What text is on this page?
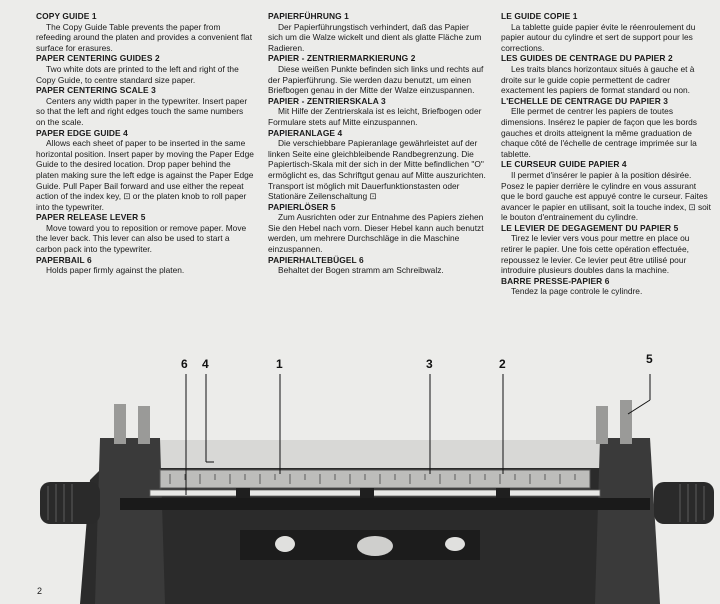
COPY GUIDE 1
The Copy Guide Table prevents the paper from refeeding around the platen and provides a convenient flat surface for erasures.
PAPER CENTERING GUIDES 2
Two white dots are printed to the left and right of the Copy Guide, to centre standard size paper.
PAPER CENTERING SCALE 3
Centers any width paper in the typewriter. Insert paper so that the left and right edges touch the same numbers on the scale.
PAPER EDGE GUIDE 4
Allows each sheet of paper to be inserted in the same horizontal position. Insert paper by moving the Paper Edge Guide to the desired location. Drop paper behind the platen making sure the left edge is against the Paper Edge Guide. Pull Paper Bail forward and use either the repeat action of the index key, ⊡ or the platen knob to roll paper into the typewriter.
PAPER RELEASE LEVER 5
Move toward you to reposition or remove paper. Move the lever back. This lever can also be used to start a carbon pack into the typewriter.
PAPERBAIL 6
Holds paper firmly against the platen.
PAPIERFÜHRUNG 1
Der Papierführungstisch verhindert, daß das Papier sich um die Walze wickelt und dient als glatte Fläche zum Radieren.
PAPIER - ZENTRIERMARKIERUNG 2
Diese weißen Punkte befinden sich links und rechts auf der Papierführung. Sie werden dazu benutzt, um einen Briefbogen genau in der Mitte der Walze einzuspannen.
PAPIER - ZENTRIERSKALA 3
Mit Hilfe der Zentrierskala ist es leicht, Briefbogen oder Formulare stets auf Mitte einzuspannen.
PAPIERANLAGE 4
Die verschiebbare Papieranlage gewährleistet auf der linken Seite eine gleichbleibende Randbegrenzung. Die Papiertisch-Skala mit der sich in der Mitte befindlichen "O" ermöglicht es, das Schriftgut genau auf Mitte auszurichten. Transport ist möglich mit Dauerfunktionstasten oder Stationäre Zeilenschaltung ⊡
PAPIERLÖSER 5
Zum Ausrichten oder zur Entnahme des Papiers ziehen Sie den Hebel nach vorn. Dieser Hebel kann auch benutzt werden, um mehrere Durchschläge in die Maschine einzuspannen.
PAPIERHALTEBÜGEL 6
Behaltet der Bogen stramm am Schreibwalz.
LE GUIDE COPIE 1
La tablette guide papier évite le réenroulement du papier autour du cylindre et sert de support pour les corrections.
LES GUIDES DE CENTRAGE DU PAPIER 2
Les traits blancs horizontaux situés à gauche et à droite sur le guide copie permettent de cadrer exactement les papiers de format standard ou non.
L'ECHELLE DE CENTRAGE DU PAPIER 3
Elle permet de centrer les papiers de toutes dimensions. Insérez le papier de façon que les bords gauches et droits atteignent la même graduation de chaque côté de l'échelle de centrage imprimée sur la tablette.
LE CURSEUR GUIDE PAPIER 4
Il permet d'insérer le papier à la position désirée. Posez le papier derrière le cylindre en vous assurant que le bord gauche est appuyé contre le curseur. Faites avancer le papier en utilisant, soit la touche index, ⊡ soit le bouton d'entrainement du cylindre.
LE LEVIER DE DEGAGEMENT DU PAPIER 5
Tirez le levier vers vous pour mettre en place ou retirer le papier. Une fois cette opération effectuée, repoussez le levier. Ce levier peut être utilisé pour introduire plusieurs doubles dans la machine.
BARRE PRESSE-PAPIER 6
Tendez la page controle le cylindre.
6 4	1	3	2	5
2
